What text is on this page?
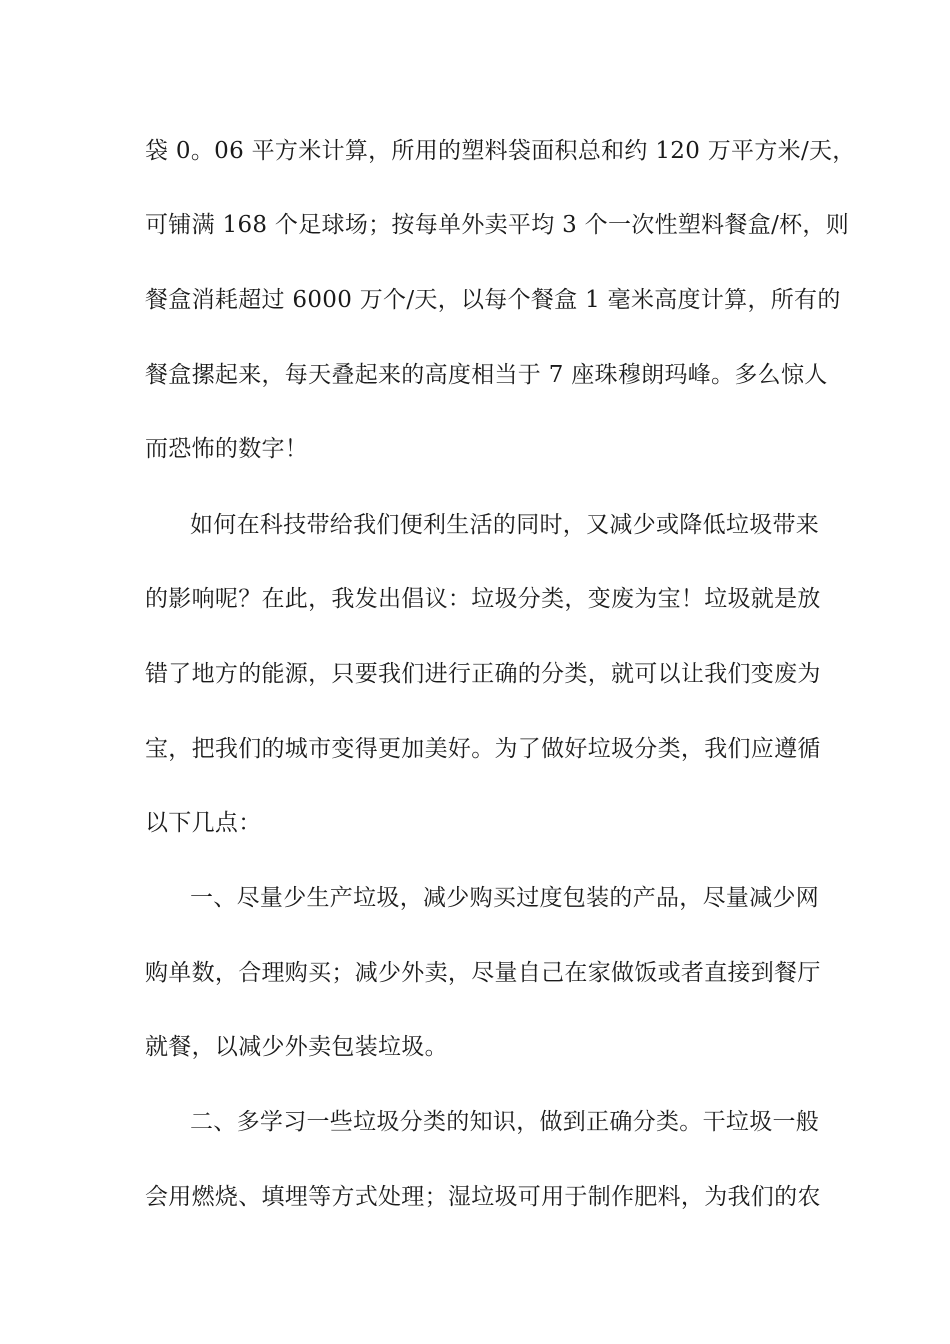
袋 0。06 平方米计算，所用的塑料袋面积总和约 120 万平方米/天，
可铺满 168 个足球场；按每单外卖平均 3 个一次性塑料餐盒/杯，则
餐盒消耗超过 6000 万个/天，以每个餐盒 1 毫米高度计算，所有的
餐盒摞起来，每天叠起来的高度相当于 7 座珠穆朗玛峰。多么惊人
而恐怖的数字！
如何在科技带给我们便利生活的同时，又减少或降低垃圾带来
的影响呢？在此，我发出倡议：垃圾分类，变废为宝！垃圾就是放
错了地方的能源，只要我们进行正确的分类，就可以让我们变废为
宝，把我们的城市变得更加美好。为了做好垃圾分类，我们应遵循
以下几点：
一、尽量少生产垃圾，减少购买过度包装的产品，尽量减少网
购单数，合理购买；减少外卖，尽量自己在家做饭或者直接到餐厅
就餐，以减少外卖包装垃圾。
二、多学习一些垃圾分类的知识，做到正确分类。干垃圾一般
会用燃烧、填埋等方式处理；湿垃圾可用于制作肥料，为我们的农
